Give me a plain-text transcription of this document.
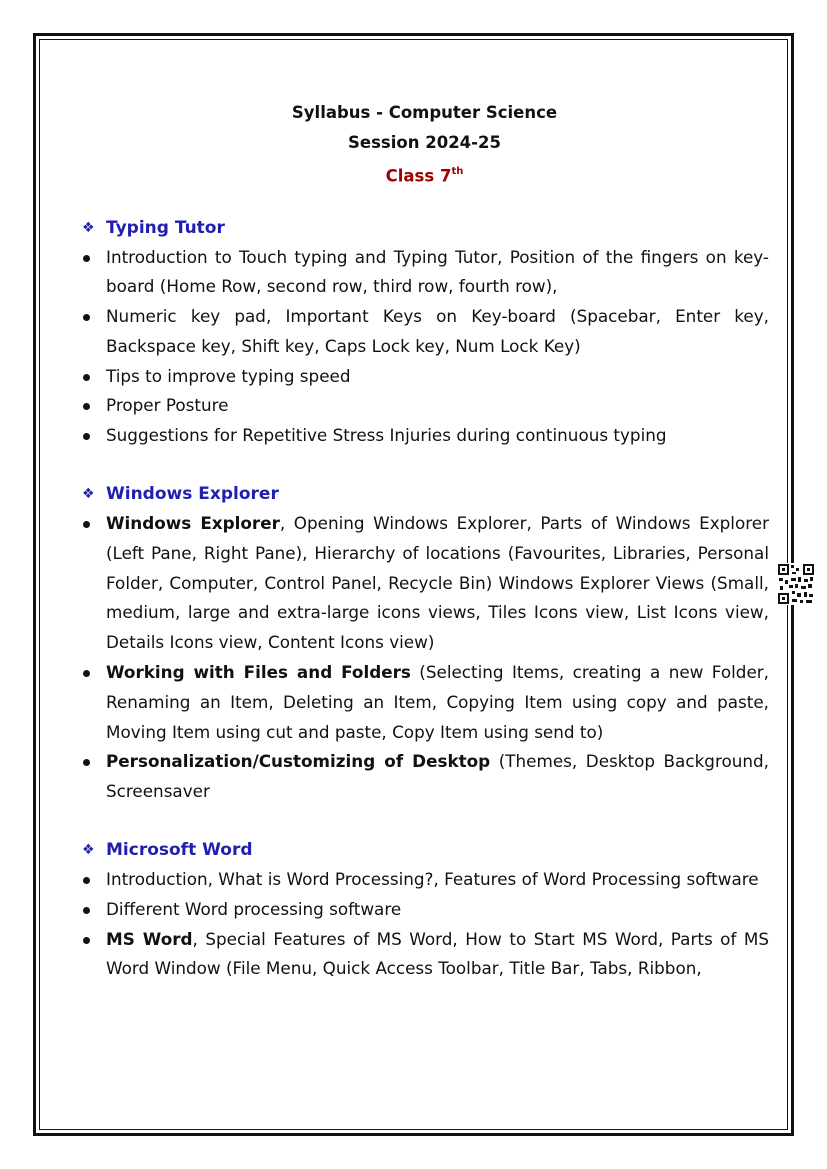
Syllabus - Computer Science
Session 2024-25
Class 7th
❖ Typing Tutor
Introduction to Touch typing and Typing Tutor, Position of the fingers on key-board (Home Row, second row, third row, fourth row),
Numeric key pad, Important Keys on Key-board (Spacebar, Enter key, Backspace key, Shift key, Caps Lock key, Num Lock Key)
Tips to improve typing speed
Proper Posture
Suggestions for Repetitive Stress Injuries during continuous typing
❖ Windows Explorer
Windows Explorer, Opening Windows Explorer, Parts of Windows Explorer (Left Pane, Right Pane), Hierarchy of locations (Favourites, Libraries, Personal Folder, Computer, Control Panel, Recycle Bin) Windows Explorer Views (Small, medium, large and extra-large icons views, Tiles Icons view, List Icons view, Details Icons view, Content Icons view)
Working with Files and Folders (Selecting Items, creating a new Folder, Renaming an Item, Deleting an Item, Copying Item using copy and paste, Moving Item using cut and paste, Copy Item using send to)
Personalization/Customizing of Desktop (Themes, Desktop Background, Screensaver
❖ Microsoft Word
Introduction, What is Word Processing?, Features of Word Processing software
Different Word processing software
MS Word, Special Features of MS Word, How to Start MS Word, Parts of MS Word Window (File Menu, Quick Access Toolbar, Title Bar, Tabs, Ribbon,
